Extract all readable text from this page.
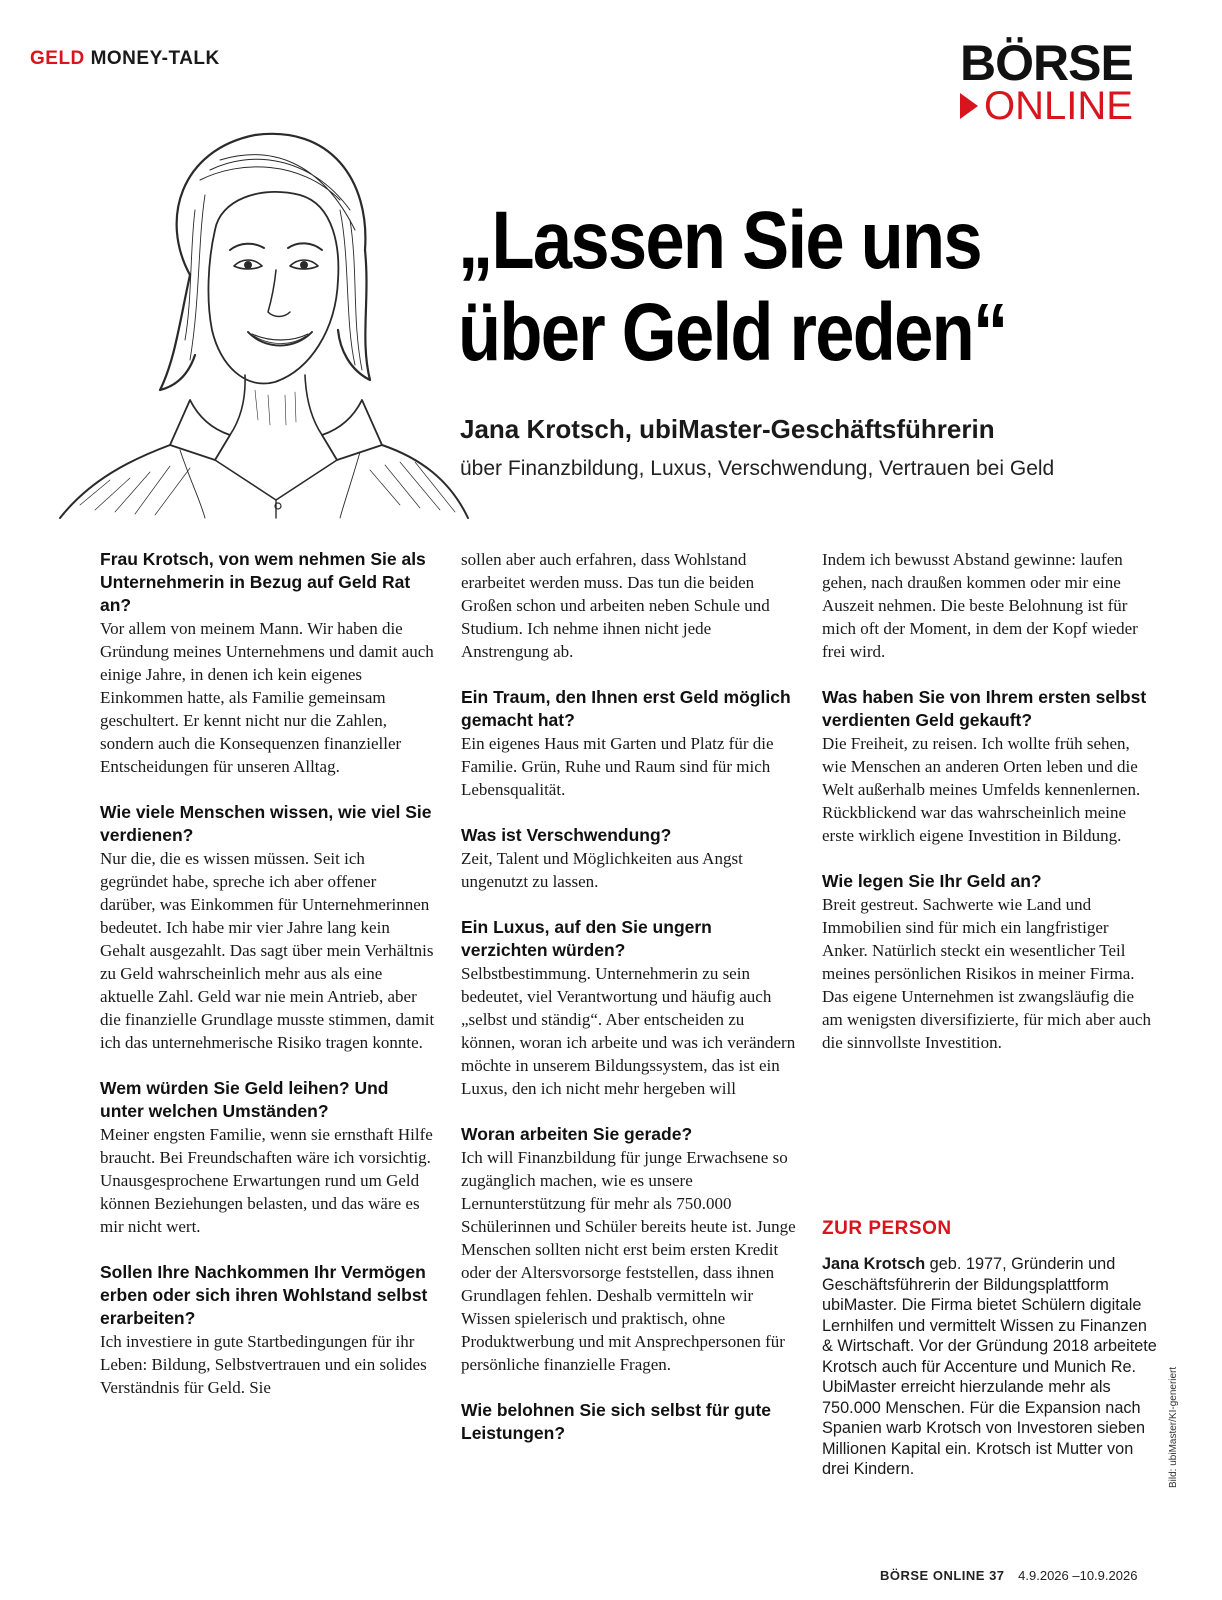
GELD MONEY-TALK	BÖRSE
ONLINE
„Lassen Sie uns
über Geld reden“
Jana Krotsch, ubiMaster-Geschäftsführerin
über Finanzbildung, Luxus, Verschwendung, Vertrauen bei Geld

Frau Krotsch, von wem nehmen Sie als Unternehmerin in Bezug auf Geld Rat an?

Vor allem von meinem Mann. Wir haben die Gründung meines Unternehmens und damit auch einige Jahre, in denen ich kein eigenes Einkommen hatte, als Familie gemeinsam geschultert. Er kennt nicht nur die Zahlen, sondern auch die Konsequenzen finanzieller Entscheidungen für unseren Alltag.

Wie viele Menschen wissen, wie viel Sie verdienen?

Nur die, die es wissen müssen. Seit ich gegründet habe, spreche ich aber offener darüber, was Einkommen für Unternehmerinnen bedeutet. Ich habe mir vier Jahre lang kein Gehalt ausgezahlt. Das sagt über mein Verhältnis zu Geld wahrscheinlich mehr aus als eine aktuelle Zahl. Geld war nie mein Antrieb, aber die finanzielle Grundlage musste stimmen, damit ich das unternehmerische Risiko tragen konnte.

Wem würden Sie Geld leihen? Und unter welchen Umständen?

Meiner engsten Familie, wenn sie ernsthaft Hilfe braucht. Bei Freundschaften wäre ich vorsichtig. Unausgesprochene Erwartungen rund um Geld können Beziehungen belasten, und das wäre es mir nicht wert.

Sollen Ihre Nachkommen Ihr Vermögen erben oder sich ihren Wohlstand selbst erarbeiten?

Ich investiere in gute Startbedingungen für ihr Leben: Bildung, Selbstvertrauen und ein solides Verständnis für Geld. Sie

sollen aber auch erfahren, dass Wohlstand erarbeitet werden muss. Das tun die beiden Großen schon und arbeiten neben Schule und Studium. Ich nehme ihnen nicht jede Anstrengung ab.

Ein Traum, den Ihnen erst Geld möglich gemacht hat?

Ein eigenes Haus mit Garten und Platz für die Familie. Grün, Ruhe und Raum sind für mich Lebensqualität.

Was ist Verschwendung?

Zeit, Talent und Möglichkeiten aus Angst ungenutzt zu lassen.

Ein Luxus, auf den Sie ungern verzichten würden?

Selbstbestimmung. Unternehmerin zu sein bedeutet, viel Verantwortung und häufig auch „selbst und ständig“. Aber entscheiden zu können, woran ich arbeite und was ich verändern möchte in unserem Bildungssystem, das ist ein Luxus, den ich nicht mehr hergeben will

Woran arbeiten Sie gerade?

Ich will Finanzbildung für junge Erwachsene so zugänglich machen, wie es unsere Lernunterstützung für mehr als 750.000 Schülerinnen und Schüler bereits heute ist. Junge Menschen sollten nicht erst beim ersten Kredit oder der Altersvorsorge feststellen, dass ihnen Grundlagen fehlen. Deshalb vermitteln wir Wissen spielerisch und praktisch, ohne Produktwerbung und mit Ansprechpersonen für persönliche finanzielle Fragen.

Wie belohnen Sie sich selbst für gute Leistungen?

Indem ich bewusst Abstand gewinne: laufen gehen, nach draußen kommen oder mir eine Auszeit nehmen. Die beste Belohnung ist für mich oft der Moment, in dem der Kopf wieder frei wird.

Was haben Sie von Ihrem ersten selbst verdienten Geld gekauft?

Die Freiheit, zu reisen. Ich wollte früh sehen, wie Menschen an anderen Orten leben und die Welt außerhalb meines Umfelds kennenlernen. Rückblickend war das wahrscheinlich meine erste wirklich eigene Investition in Bildung.

Wie legen Sie Ihr Geld an?

Breit gestreut. Sachwerte wie Land und Immobilien sind für mich ein langfristiger Anker. Natürlich steckt ein wesentlicher Teil meines persönlichen Risikos in meiner Firma. Das eigene Unternehmen ist zwangsläufig die am wenigsten diversifizierte, für mich aber auch die sinnvollste Investition.

ZUR PERSON

Jana Krotsch geb. 1977, Gründerin und Geschäftsführerin der Bildungsplattform ubiMaster. Die Firma bietet Schülern digitale Lernhilfen und vermittelt Wissen zu Finanzen & Wirtschaft. Vor der Gründung 2018 arbeitete Krotsch auch für Accenture und Munich Re. UbiMaster erreicht hierzulande mehr als 750.000 Menschen. Für die Expansion nach Spanien warb Krotsch von Investoren sieben Millionen Kapital ein. Krotsch ist Mutter von drei Kindern.	Bild: ubiMaster/KI-generiert
BÖRSE ONLINE 37 4.9.2026 –10.9.2026
